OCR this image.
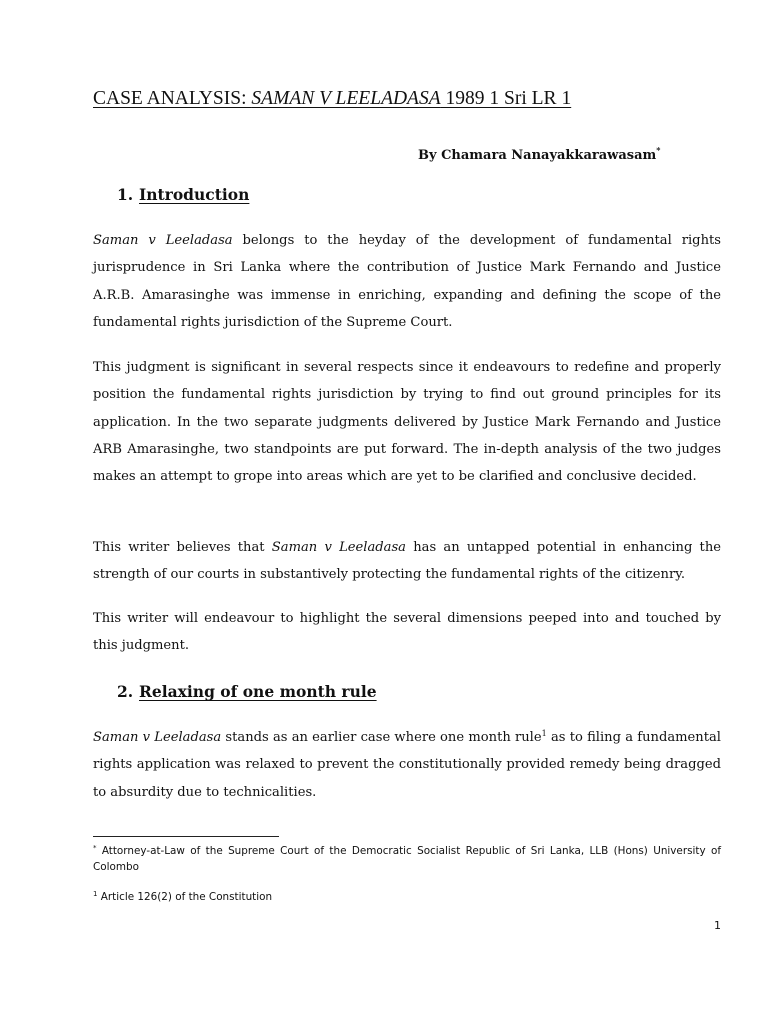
CASE ANALYSIS: SAMAN V LEELADASA 1989 1 Sri LR 1
By Chamara Nanayakkarawasam*
1. Introduction

Saman v Leeladasa belongs to the heyday of the development of fundamental rights jurisprudence in Sri Lanka where the contribution of Justice Mark Fernando and Justice A.R.B. Amarasinghe was immense in enriching, expanding and defining the scope of the fundamental rights jurisdiction of the Supreme Court.

This judgment is significant in several respects since it endeavours to redefine and properly position the fundamental rights jurisdiction by trying to find out ground principles for its application. In the two separate judgments delivered by Justice Mark Fernando and Justice ARB Amarasinghe, two standpoints are put forward. The in-depth analysis of the two judges makes an attempt to grope into areas which are yet to be clarified and conclusive decided.

This writer believes that Saman v Leeladasa has an untapped potential in enhancing the strength of our courts in substantively protecting the fundamental rights of the citizenry.

This writer will endeavour to highlight the several dimensions peeped into and touched by this judgment.

2. Relaxing of one month rule

Saman v Leeladasa stands as an earlier case where one month rule$^1$ as to filing a fundamental rights application was relaxed to prevent the constitutionally provided remedy being dragged to absurdity due to technicalities.

* Attorney-at-Law of the Supreme Court of the Democratic Socialist Republic of Sri Lanka, LLB (Hons) University of Colombo

$^1$ Article 126(2) of the Constitution

1
